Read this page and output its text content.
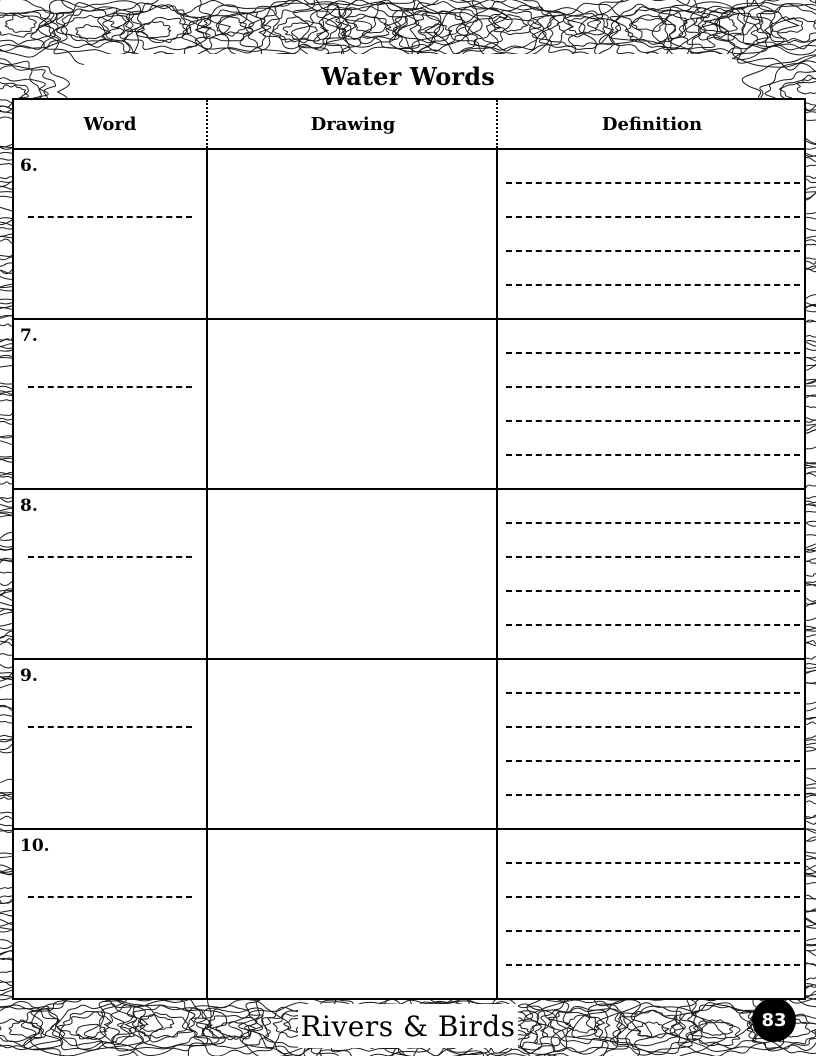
Water Words
Word	Drawing	Definition
6.
7.
8.
9.
10.
Rivers & Birds	83
